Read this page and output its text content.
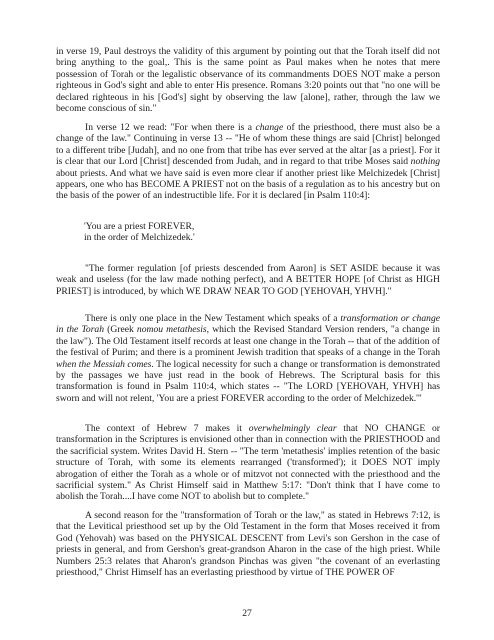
in verse 19, Paul destroys the validity of this argument by pointing out that the Torah itself did not bring anything to the goal,. This is the same point as Paul makes when he notes that mere possession of Torah or the legalistic observance of its commandments DOES NOT make a person righteous in God's sight and able to enter His presence. Romans 3:20 points out that "no one will be declared righteous in his [God's] sight by observing the law [alone], rather, through the law we become conscious of sin."

In verse 12 we read: "For when there is a change of the priesthood, there must also be a change of the law." Continuing in verse 13 -- "He of whom these things are said [Christ] belonged to a different tribe [Judah], and no one from that tribe has ever served at the altar [as a priest]. For it is clear that our Lord [Christ] descended from Judah, and in regard to that tribe Moses said nothing about priests. And what we have said is even more clear if another priest like Melchizedek [Christ] appears, one who has BECOME A PRIEST not on the basis of a regulation as to his ancestry but on the basis of the power of an indestructible life. For it is declared [in Psalm 110:4]:

'You are a priest FOREVER,

in the order of Melchizedek.'

"The former regulation [of priests descended from Aaron] is SET ASIDE because it was weak and useless (for the law made nothing perfect), and A BETTER HOPE [of Christ as HIGH PRIEST] is introduced, by which WE DRAW NEAR TO GOD [YEHOVAH, YHVH]."

There is only one place in the New Testament which speaks of a transformation or change in the Torah (Greek nomou metathesis, which the Revised Standard Version renders, "a change in the law"). The Old Testament itself records at least one change in the Torah -- that of the addition of the festival of Purim; and there is a prominent Jewish tradition that speaks of a change in the Torah when the Messiah comes. The logical necessity for such a change or transformation is demonstrated by the passages we have just read in the book of Hebrews. The Scriptural basis for this transformation is found in Psalm 110:4, which states -- "The LORD [YEHOVAH, YHVH] has sworn and will not relent, 'You are a priest FOREVER according to the order of Melchizedek.'"

The context of Hebrew 7 makes it overwhelmingly clear that NO CHANGE or transformation in the Scriptures is envisioned other than in connection with the PRIESTHOOD and the sacrificial system. Writes David H. Stern -- "The term 'metathesis' implies retention of the basic structure of Torah, with some its elements rearranged ('transformed'); it DOES NOT imply abrogation of either the Torah as a whole or of mitzvot not connected with the priesthood and the sacrificial system." As Christ Himself said in Matthew 5:17: "Don't think that I have come to abolish the Torah....I have come NOT to abolish but to complete."

A second reason for the "transformation of Torah or the law," as stated in Hebrews 7:12, is that the Levitical priesthood set up by the Old Testament in the form that Moses received it from God (Yehovah) was based on the PHYSICAL DESCENT from Levi's son Gershon in the case of priests in general, and from Gershon's great-grandson Aharon in the case of the high priest. While Numbers 25:3 relates that Aharon's grandson Pinchas was given "the covenant of an everlasting priesthood," Christ Himself has an everlasting priesthood by virtue of THE POWER OF

27
